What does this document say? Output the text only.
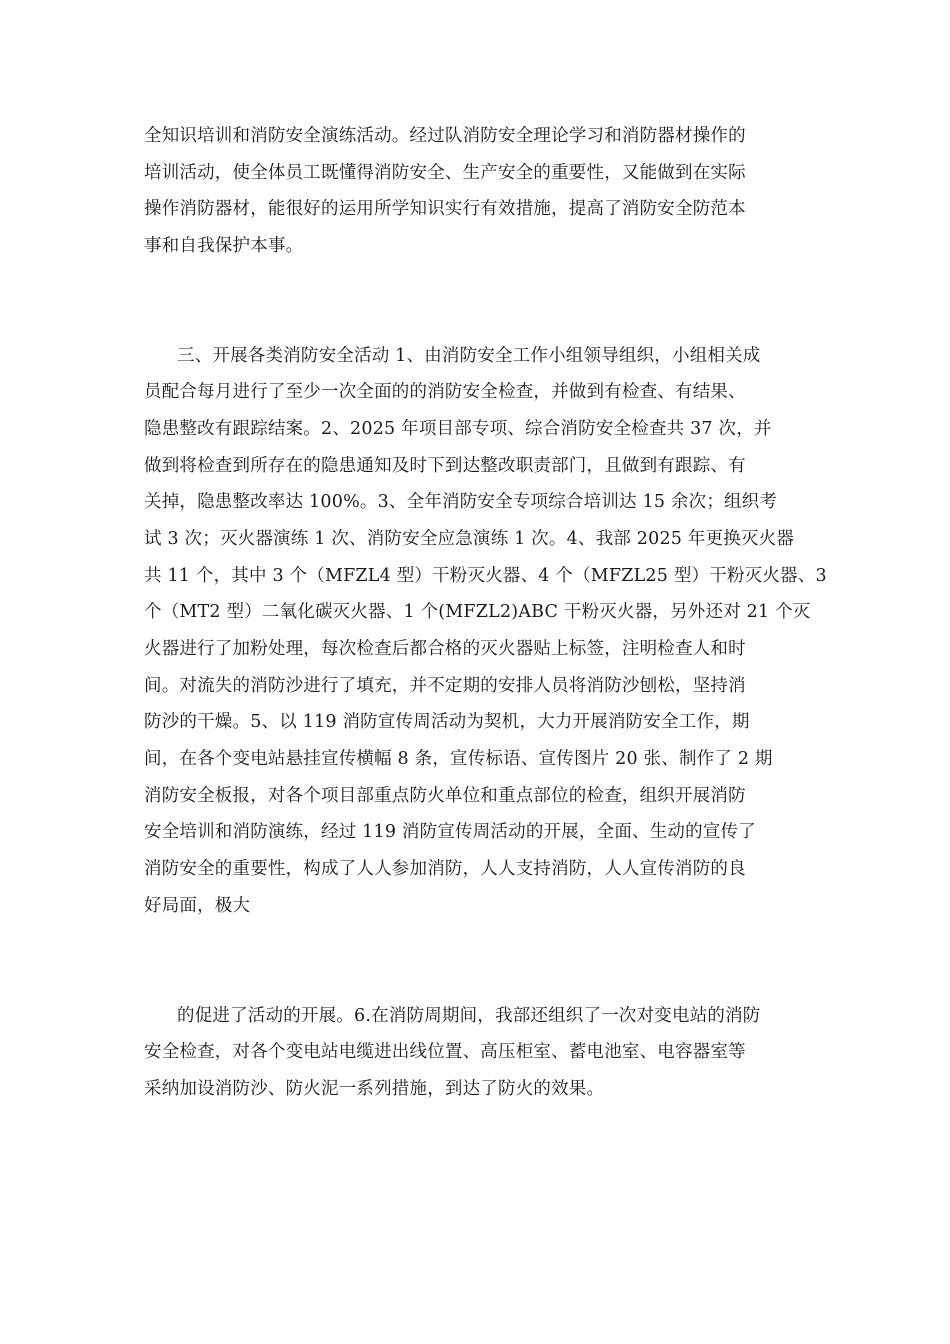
全知识培训和消防安全演练活动。经过队消防安全理论学习和消防器材操作的
培训活动，使全体员工既懂得消防安全、生产安全的重要性，又能做到在实际
操作消防器材，能很好的运用所学知识实行有效措施，提高了消防安全防范本
事和自我保护本事。
三、开展各类消防安全活动 1、由消防安全工作小组领导组织，小组相关成
员配合每月进行了至少一次全面的的消防安全检查，并做到有检查、有结果、
隐患整改有跟踪结案。2、2025 年项目部专项、综合消防安全检查共 37 次，并
做到将检查到所存在的隐患通知及时下到达整改职责部门，且做到有跟踪、有
关掉，隐患整改率达 100%。3、全年消防安全专项综合培训达 15 余次；组织考
试 3 次；灭火器演练 1 次、消防安全应急演练 1 次。4、我部 2025 年更换灭火器
共 11 个，其中 3 个（MFZL4 型）干粉灭火器、4 个（MFZL25 型）干粉灭火器、3
个（MT2 型）二氧化碳灭火器、1 个(MFZL2)ABC 干粉灭火器，另外还对 21 个灭
火器进行了加粉处理，每次检查后都合格的灭火器贴上标签，注明检查人和时
间。对流失的消防沙进行了填充，并不定期的安排人员将消防沙刨松，坚持消
防沙的干燥。5、以 119 消防宣传周活动为契机，大力开展消防安全工作，期
间，在各个变电站悬挂宣传横幅 8 条，宣传标语、宣传图片 20 张、制作了 2 期
消防安全板报，对各个项目部重点防火单位和重点部位的检查，组织开展消防
安全培训和消防演练，经过 119 消防宣传周活动的开展，全面、生动的宣传了
消防安全的重要性，构成了人人参加消防，人人支持消防，人人宣传消防的良
好局面，极大
的促进了活动的开展。6.在消防周期间，我部还组织了一次对变电站的消防
安全检查，对各个变电站电缆进出线位置、高压柜室、蓄电池室、电容器室等
采纳加设消防沙、防火泥一系列措施，到达了防火的效果。
